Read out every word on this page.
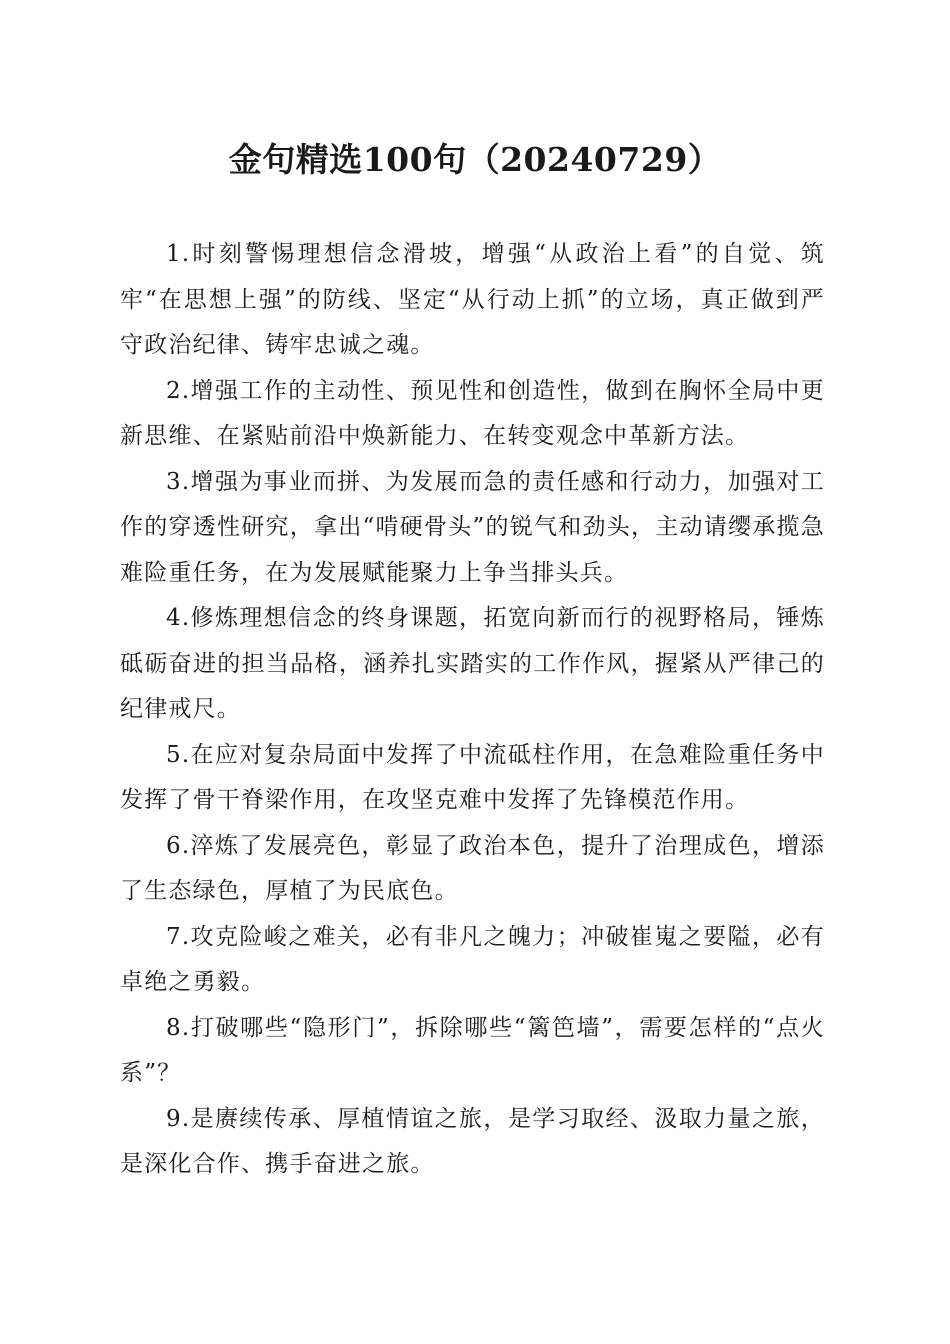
金句精选100句（20240729）

1.时刻警惕理想信念滑坡，增强“从政治上看”的自觉、筑牢“在思想上强”的防线、坚定“从行动上抓”的立场，真正做到严守政治纪律、铸牢忠诚之魂。

2.增强工作的主动性、预见性和创造性，做到在胸怀全局中更新思维、在紧贴前沿中焕新能力、在转变观念中革新方法。

3.增强为事业而拼、为发展而急的责任感和行动力，加强对工作的穿透性研究，拿出“啃硬骨头”的锐气和劲头，主动请缨承揽急难险重任务，在为发展赋能聚力上争当排头兵。

4.修炼理想信念的终身课题，拓宽向新而行的视野格局，锤炼砥砺奋进的担当品格，涵养扎实踏实的工作作风，握紧从严律己的纪律戒尺。

5.在应对复杂局面中发挥了中流砥柱作用，在急难险重任务中发挥了骨干脊梁作用，在攻坚克难中发挥了先锋模范作用。

6.淬炼了发展亮色，彰显了政治本色，提升了治理成色，增添了生态绿色，厚植了为民底色。

7.攻克险峻之难关，必有非凡之魄力；冲破崔嵬之要隘，必有卓绝之勇毅。

8.打破哪些“隐形门”，拆除哪些“篱笆墙”，需要怎样的“点火系”？

9.是赓续传承、厚植情谊之旅，是学习取经、汲取力量之旅，是深化合作、携手奋进之旅。
